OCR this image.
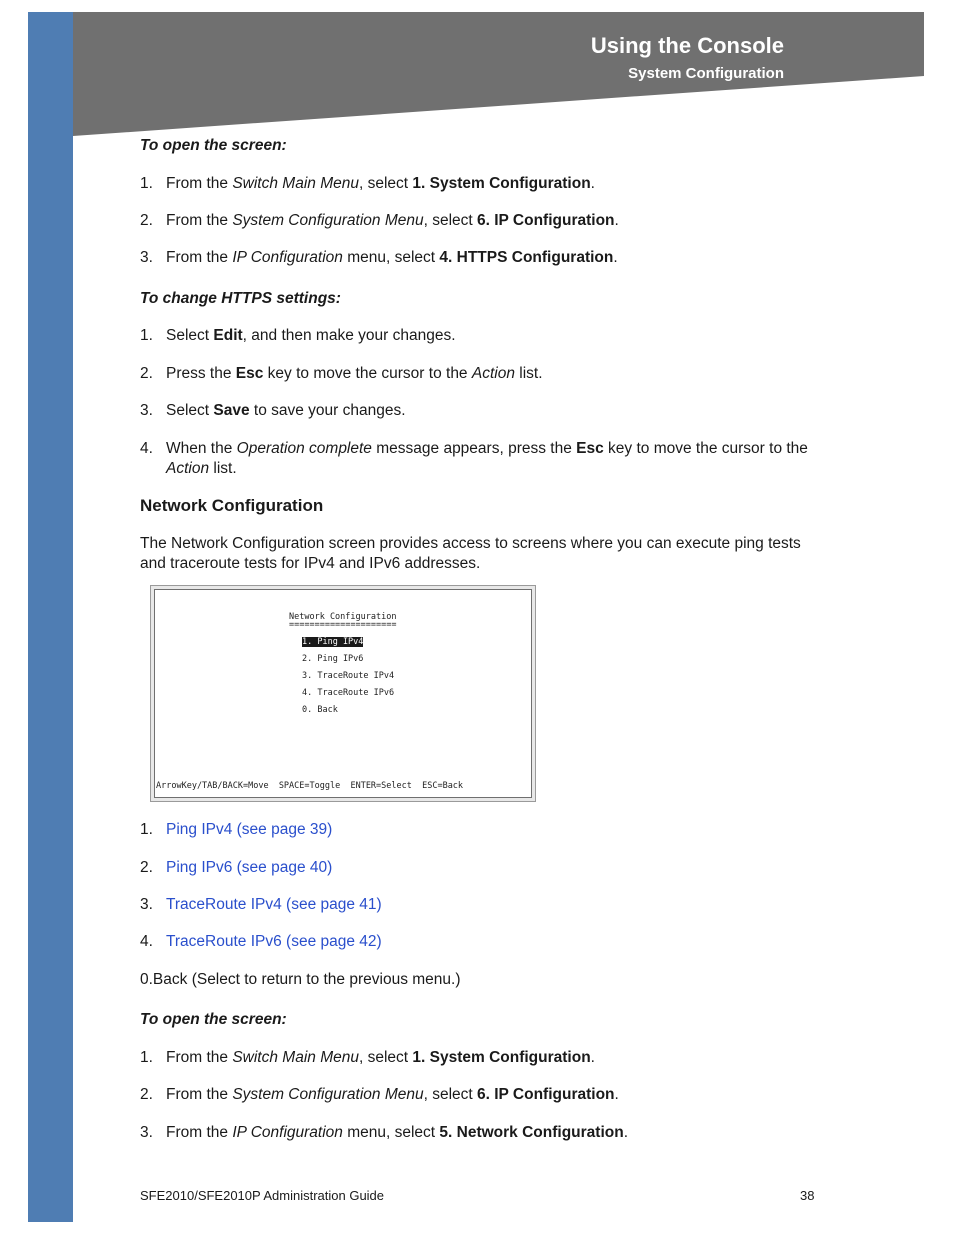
Using the Console
System Configuration
To open the screen:
1. From the Switch Main Menu, select 1. System Configuration.
2. From the System Configuration Menu, select 6. IP Configuration.
3. From the IP Configuration menu, select 4. HTTPS Configuration.
To change HTTPS settings:
1. Select Edit, and then make your changes.
2. Press the Esc key to move the cursor to the Action list.
3. Select Save to save your changes.
4. When the Operation complete message appears, press the Esc key to move the cursor to the Action list.
Network Configuration
The Network Configuration screen provides access to screens where you can execute ping tests and traceroute tests for IPv4 and IPv6 addresses.
1. Ping IPv4 (see page 39)
2. Ping IPv6 (see page 40)
3. TraceRoute IPv4 (see page 41)
4. TraceRoute IPv6 (see page 42)
0.Back (Select to return to the previous menu.)
To open the screen:
1. From the Switch Main Menu, select 1. System Configuration.
2. From the System Configuration Menu, select 6. IP Configuration.
3. From the IP Configuration menu, select 5. Network Configuration.
Network Configuration
=====================
1. Ping IPv4
2. Ping IPv6
3. TraceRoute IPv4
4. TraceRoute IPv6
0. Back
ArrowKey/TAB/BACK=Move  SPACE=Toggle  ENTER=Select  ESC=Back
SFE2010/SFE2010P Administration Guide	38
